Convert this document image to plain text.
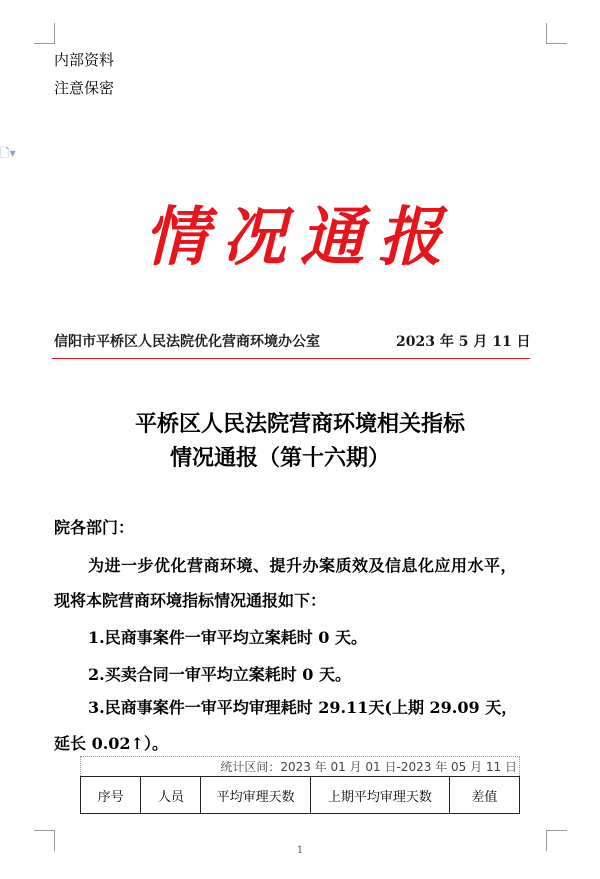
内部资料
注意保密
🗋▾
情况通报
信阳市平桥区人民法院优化营商环境办公室	2023 年 5 月 11 日
平桥区人民法院营商环境相关指标
情况通报（第十六期）
院各部门：
为进一步优化营商环境、提升办案质效及信息化应用水平，
现将本院营商环境指标情况通报如下：
1.民商事案件一审平均立案耗时 0 天。
2.买卖合同一审平均立案耗时 0 天。
3.民商事案件一审平均审理耗时 29.11天(上期 29.09 天，
延长 0.02↑）。
统计区间：2023 年 01 月 01 日-2023 年 05 月 11 日
序号	人员	平均审理天数	上期平均审理天数	差值
1
